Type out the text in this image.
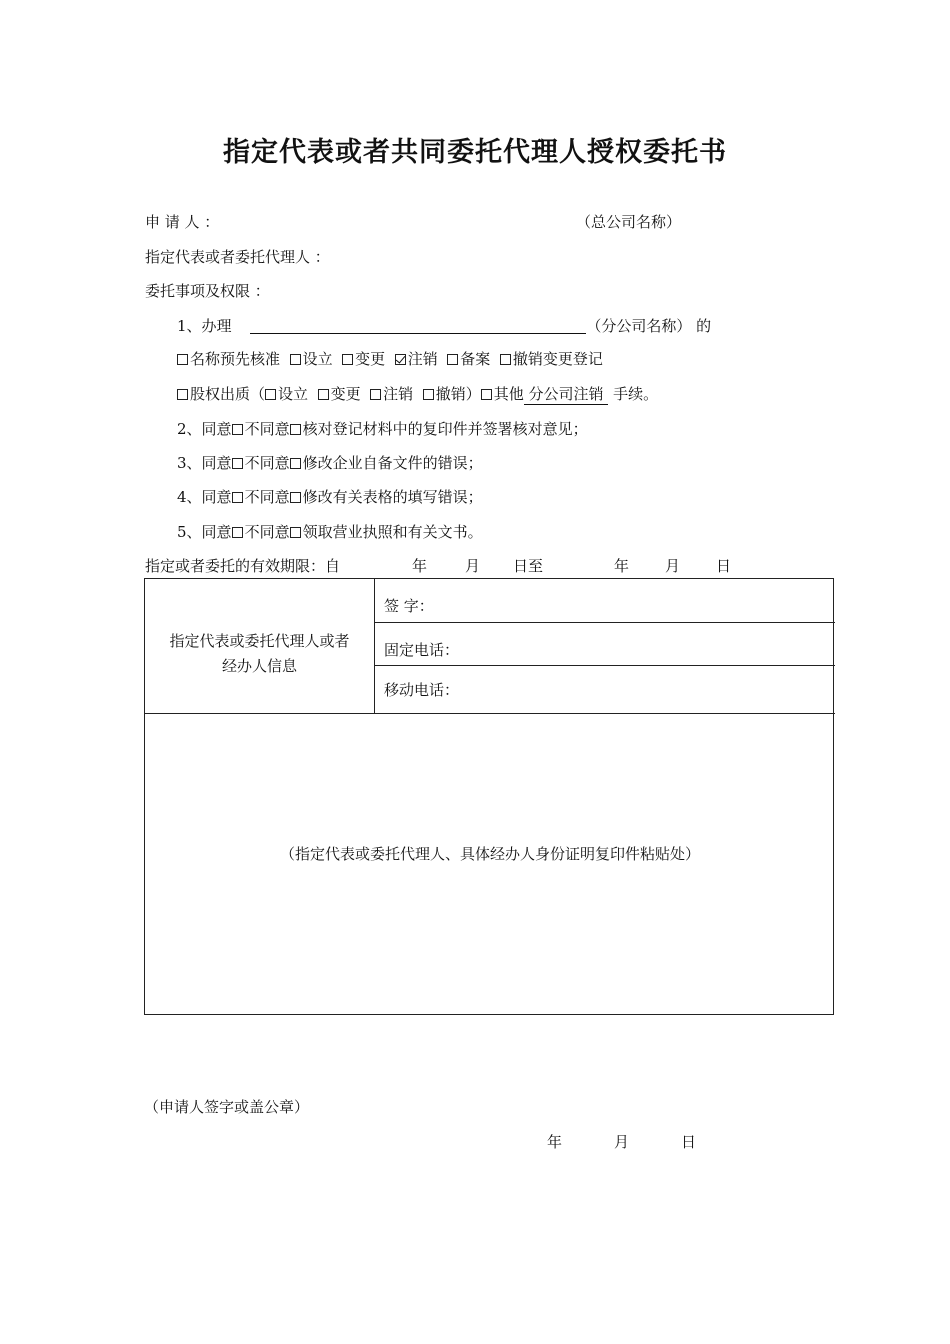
指定代表或者共同委托代理人授权委托书
申 请 人 ：	（总公司名称）
指定代表或者委托代理人 ：
委托事项及权限 ：
1、办理	（分公司名称） 的
名称预先核准 设立 变更 注销 备案 撤销变更登记
股权出质（ 设立 变更 注销 撤销） 其他 分公司注销  手续。
2、同意 不同意 核对登记材料中的复印件并签署核对意见；
3、同意 不同意 修改企业自备文件的错误；
4、同意 不同意 修改有关表格的填写错误；
5、同意 不同意 领取营业执照和有关文书。
指定或者委托的有效期限：自	年	月 日至	年 月 日
指定代表或委托代理人或者
经办人信息
签 字：
固定电话：
移动电话：
（指定代表或委托代理人、具体经办人身份证明复印件粘贴处）
（申请人签字或盖公章）
年	月	日
